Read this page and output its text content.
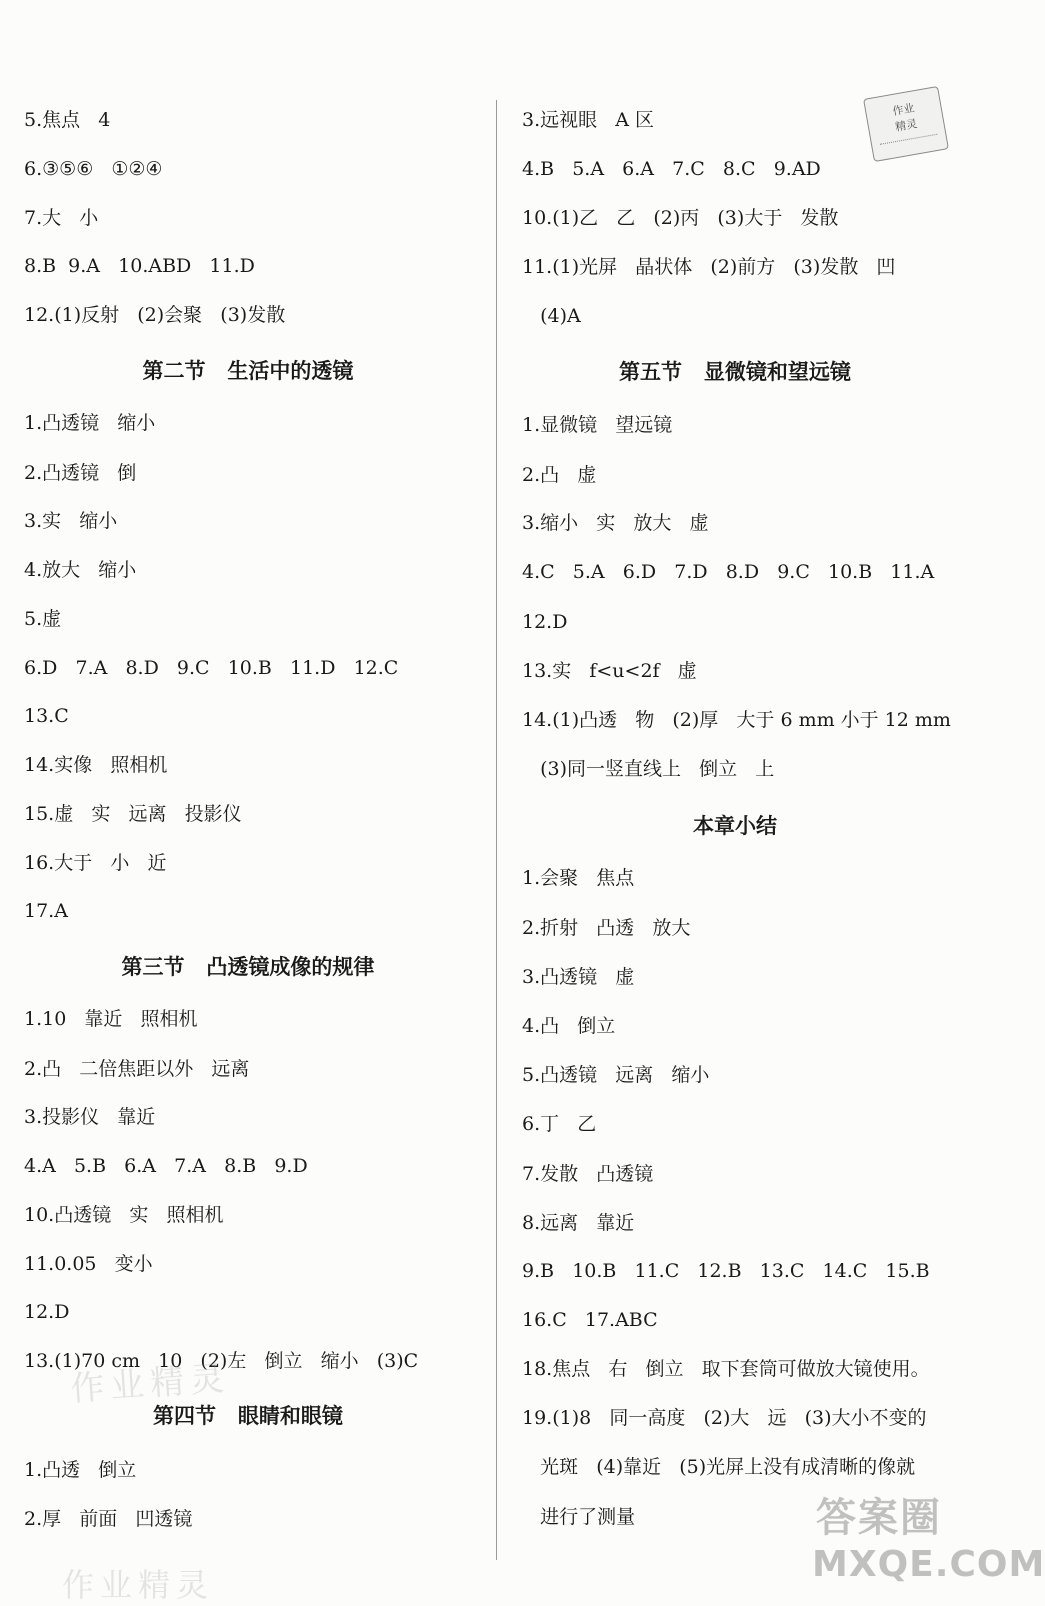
5.焦点   4
6.③⑤⑥   ①②④
7.大   小
8.B  9.A   10.ABD   11.D
12.(1)反射   (2)会聚   (3)发散
第二节   生活中的透镜
1.凸透镜   缩小
2.凸透镜   倒
3.实   缩小
4.放大   缩小
5.虚
6.D   7.A   8.D   9.C   10.B   11.D   12.C
13.C
14.实像   照相机
15.虚   实   远离   投影仪
16.大于   小   近
17.A
第三节   凸透镜成像的规律
1.10   靠近   照相机
2.凸   二倍焦距以外   远离
3.投影仪   靠近
4.A   5.B   6.A   7.A   8.B   9.D
10.凸透镜   实   照相机
11.0.05   变小
12.D
13.(1)70 cm   10   (2)左   倒立   缩小   (3)C
第四节   眼睛和眼镜
1.凸透   倒立
2.厚   前面   凹透镜
3.远视眼   A 区
4.B   5.A   6.A   7.C   8.C   9.AD
10.(1)乙   乙   (2)丙   (3)大于   发散
11.(1)光屏   晶状体   (2)前方   (3)发散   凹
(4)A
第五节   显微镜和望远镜
1.显微镜   望远镜
2.凸   虚
3.缩小   实   放大   虚
4.C   5.A   6.D   7.D   8.D   9.C   10.B   11.A
12.D
13.实   f<u<2f   虚
14.(1)凸透   物   (2)厚   大于 6 mm 小于 12 mm
(3)同一竖直线上   倒立   上
本章小结
1.会聚   焦点
2.折射   凸透   放大
3.凸透镜   虚
4.凸   倒立
5.凸透镜   远离   缩小
6.丁   乙
7.发散   凸透镜
8.远离   靠近
9.B   10.B   11.C   12.B   13.C   14.C   15.B
16.C   17.ABC
18.焦点   右   倒立   取下套筒可做放大镜使用。
19.(1)8   同一高度   (2)大   远   (3)大小不变的
光斑   (4)靠近   (5)光屏上没有成清晰的像就
进行了测量
作业
精灵
作业精灵
作业精灵
答案圈
MXQE.COM
